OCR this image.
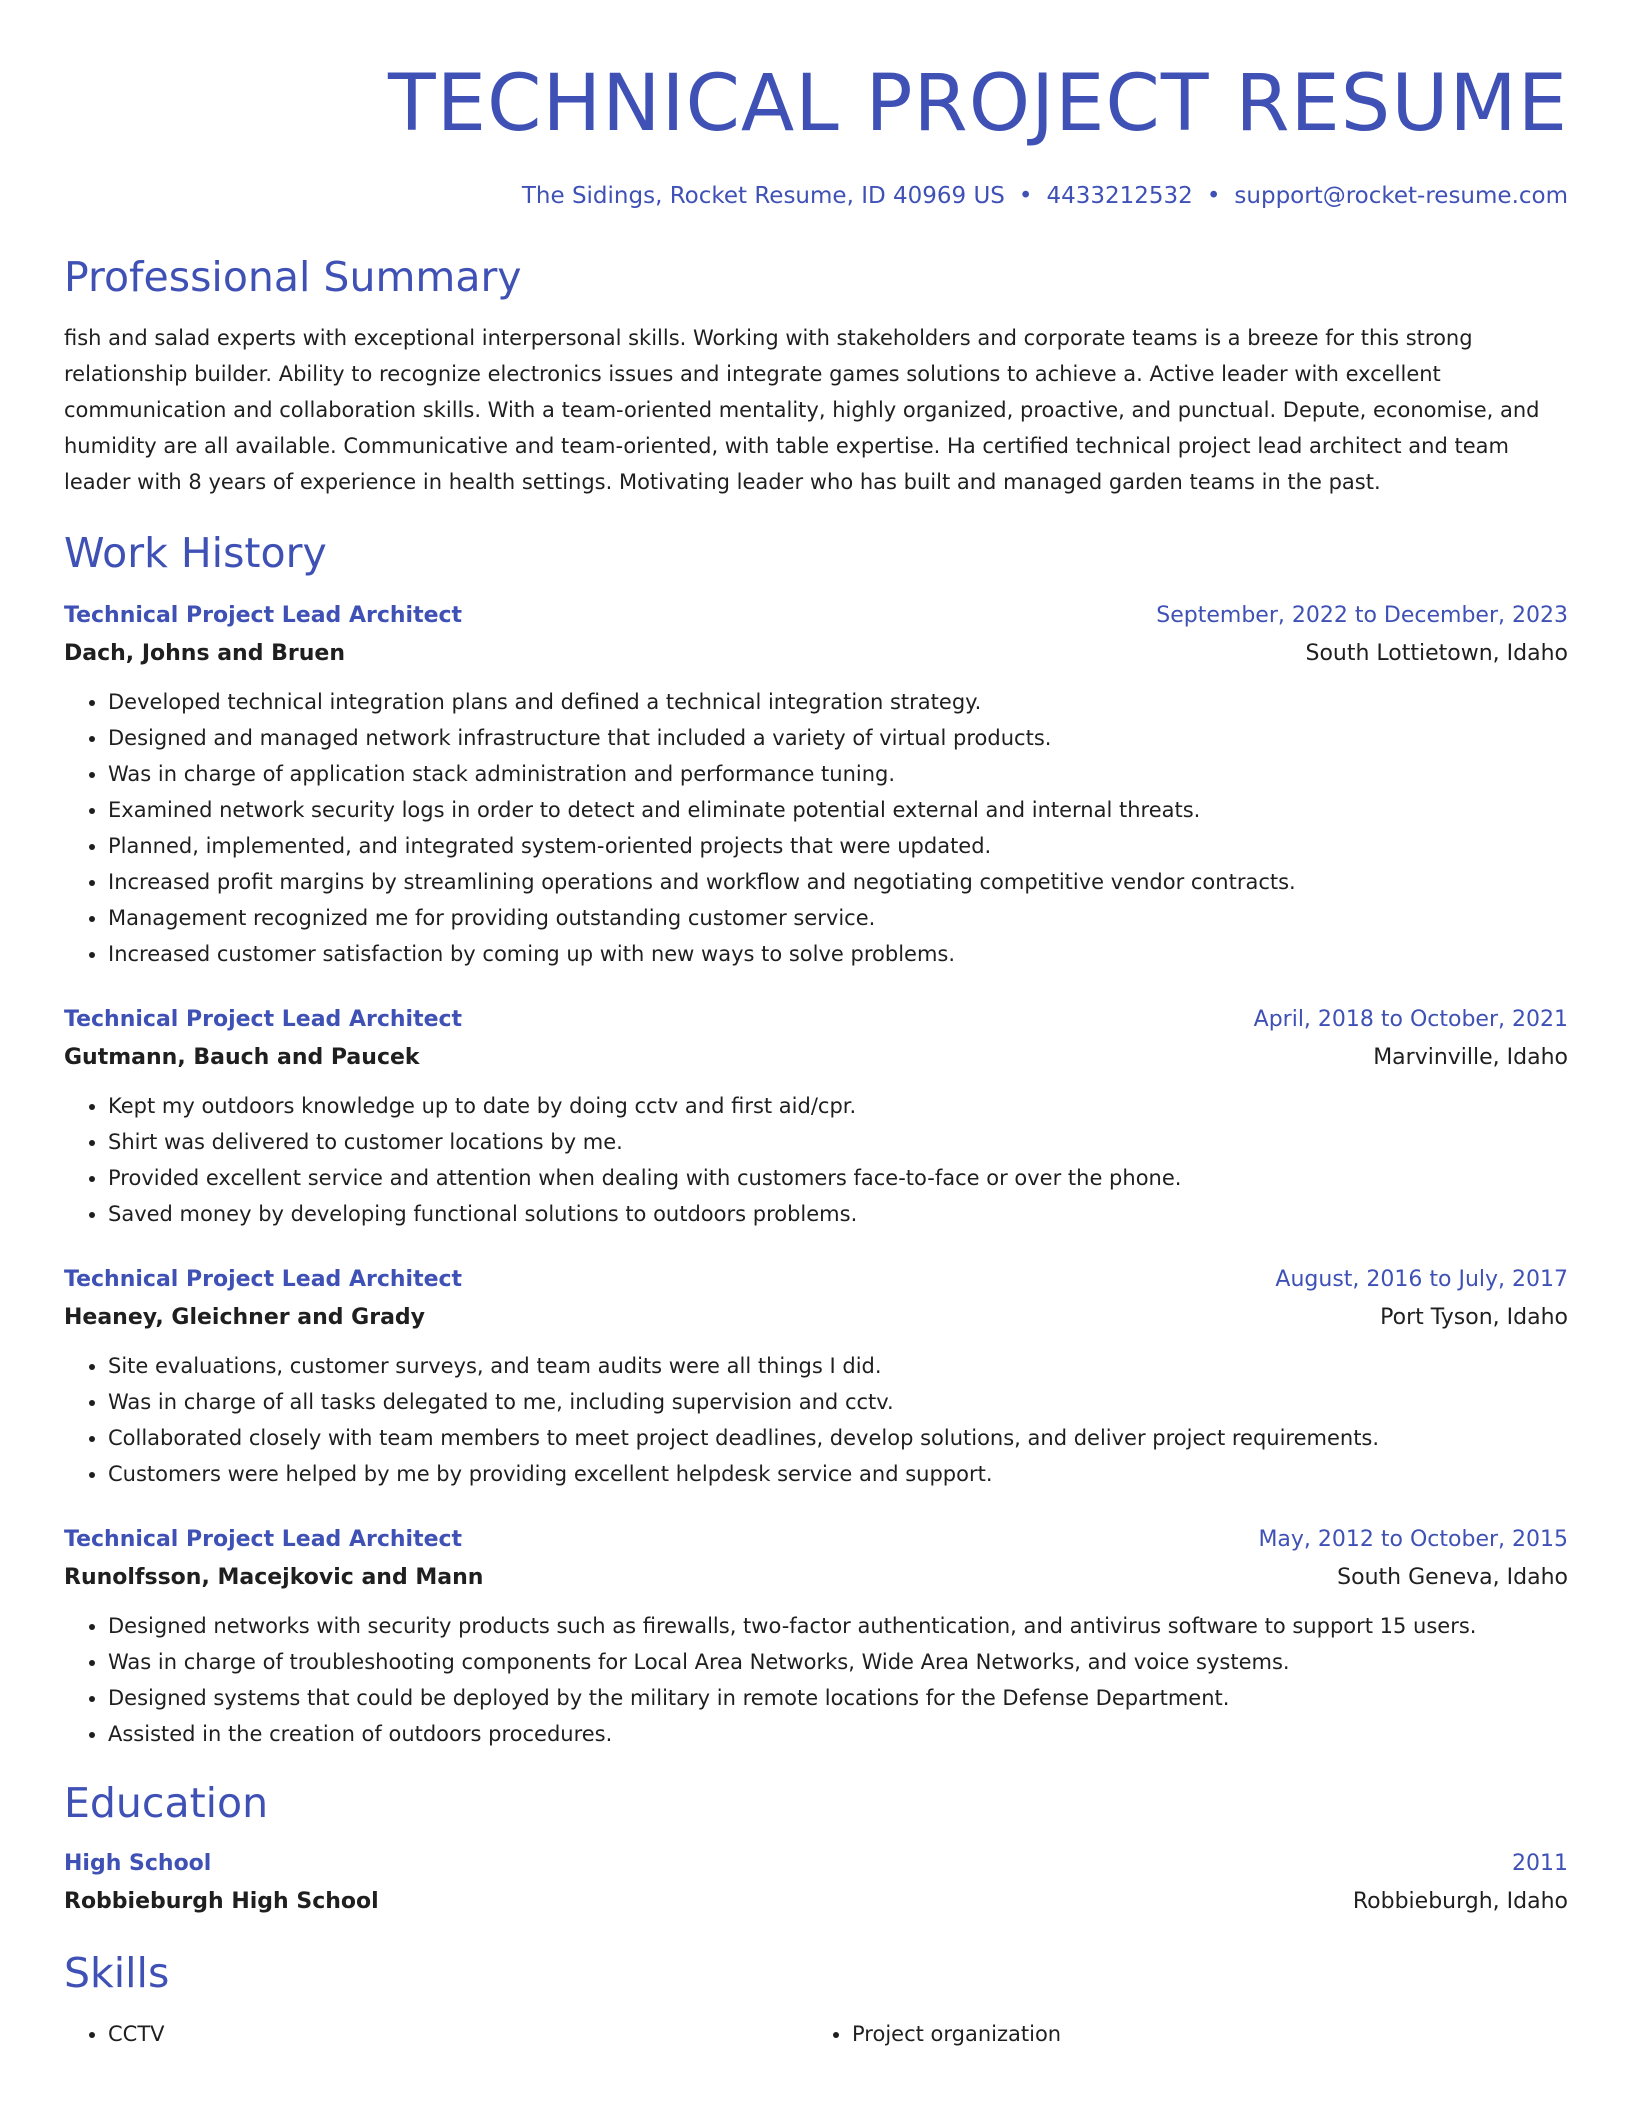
TECHNICAL PROJECT RESUME
The Sidings, Rocket Resume, ID 40969 US • 4433212532 • support@rocket-resume.com
Professional Summary
fish and salad experts with exceptional interpersonal skills. Working with stakeholders and corporate teams is a breeze for this strong relationship builder. Ability to recognize electronics issues and integrate games solutions to achieve a. Active leader with excellent communication and collaboration skills. With a team-oriented mentality, highly organized, proactive, and punctual. Depute, economise, and humidity are all available. Communicative and team-oriented, with table expertise. Ha certified technical project lead architect and team leader with 8 years of experience in health settings. Motivating leader who has built and managed garden teams in the past.
Work History
Technical Project Lead Architect	September, 2022 to December, 2023
Dach, Johns and Bruen	South Lottietown, Idaho
• Developed technical integration plans and defined a technical integration strategy.
• Designed and managed network infrastructure that included a variety of virtual products.
• Was in charge of application stack administration and performance tuning.
• Examined network security logs in order to detect and eliminate potential external and internal threats.
• Planned, implemented, and integrated system-oriented projects that were updated.
• Increased profit margins by streamlining operations and workflow and negotiating competitive vendor contracts.
• Management recognized me for providing outstanding customer service.
• Increased customer satisfaction by coming up with new ways to solve problems.
Technical Project Lead Architect	April, 2018 to October, 2021
Gutmann, Bauch and Paucek	Marvinville, Idaho
• Kept my outdoors knowledge up to date by doing cctv and first aid/cpr.
• Shirt was delivered to customer locations by me.
• Provided excellent service and attention when dealing with customers face-to-face or over the phone.
• Saved money by developing functional solutions to outdoors problems.
Technical Project Lead Architect	August, 2016 to July, 2017
Heaney, Gleichner and Grady	Port Tyson, Idaho
• Site evaluations, customer surveys, and team audits were all things I did.
• Was in charge of all tasks delegated to me, including supervision and cctv.
• Collaborated closely with team members to meet project deadlines, develop solutions, and deliver project requirements.
• Customers were helped by me by providing excellent helpdesk service and support.
Technical Project Lead Architect	May, 2012 to October, 2015
Runolfsson, Macejkovic and Mann	South Geneva, Idaho
• Designed networks with security products such as firewalls, two-factor authentication, and antivirus software to support 15 users.
• Was in charge of troubleshooting components for Local Area Networks, Wide Area Networks, and voice systems.
• Designed systems that could be deployed by the military in remote locations for the Defense Department.
• Assisted in the creation of outdoors procedures.
Education
High School	2011
Robbieburgh High School	Robbieburgh, Idaho
Skills
• CCTV
•	Project organization
